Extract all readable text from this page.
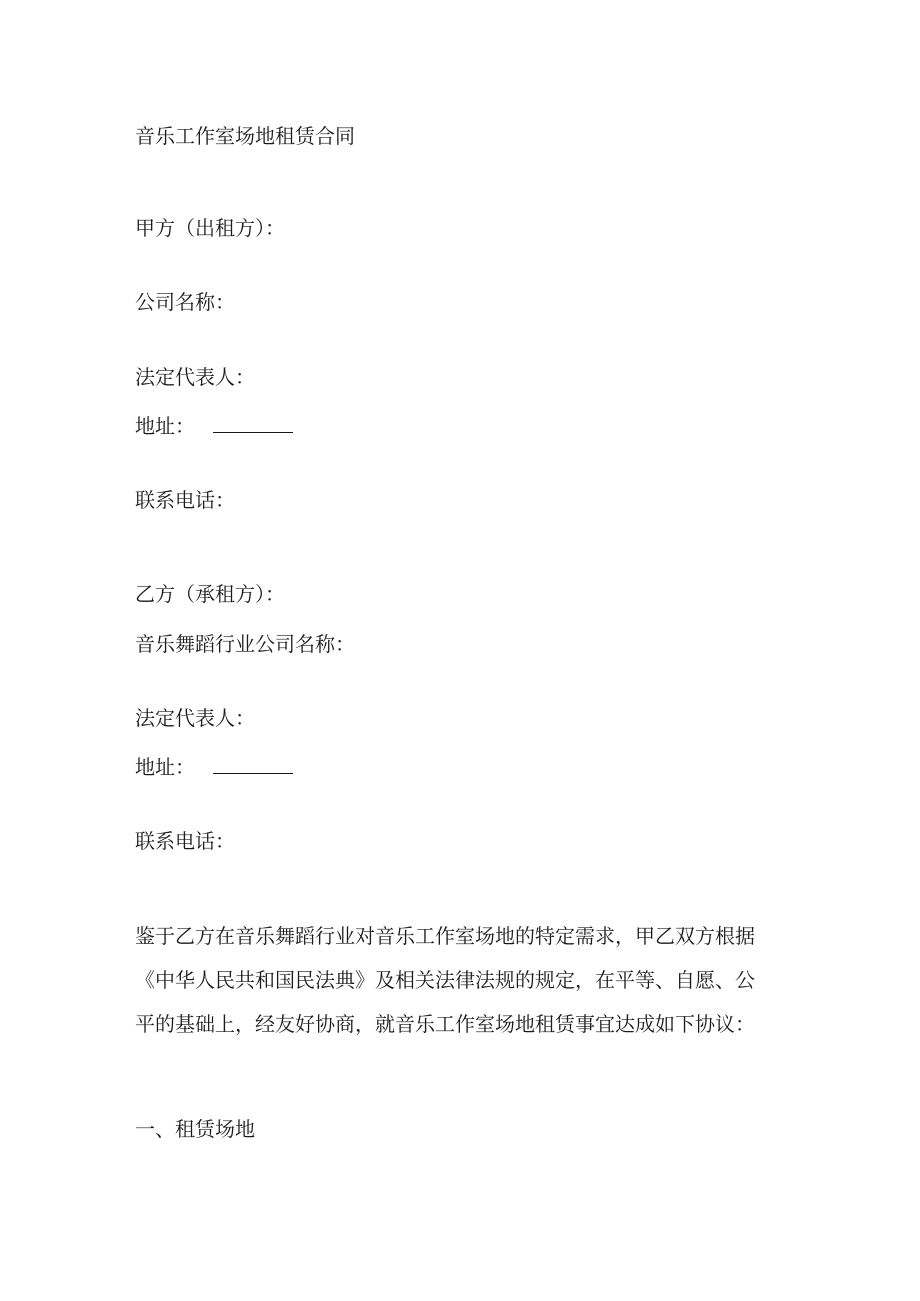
音乐工作室场地租赁合同
甲方（出租方）：
公司名称：
法定代表人：
地址：
联系电话：
乙方（承租方）：
音乐舞蹈行业公司名称：
法定代表人：
地址：
联系电话：
鉴于乙方在音乐舞蹈行业对音乐工作室场地的特定需求，甲乙双方根据
《中华人民共和国民法典》及相关法律法规的规定，在平等、自愿、公
平的基础上，经友好协商，就音乐工作室场地租赁事宜达成如下协议：
一、租赁场地
